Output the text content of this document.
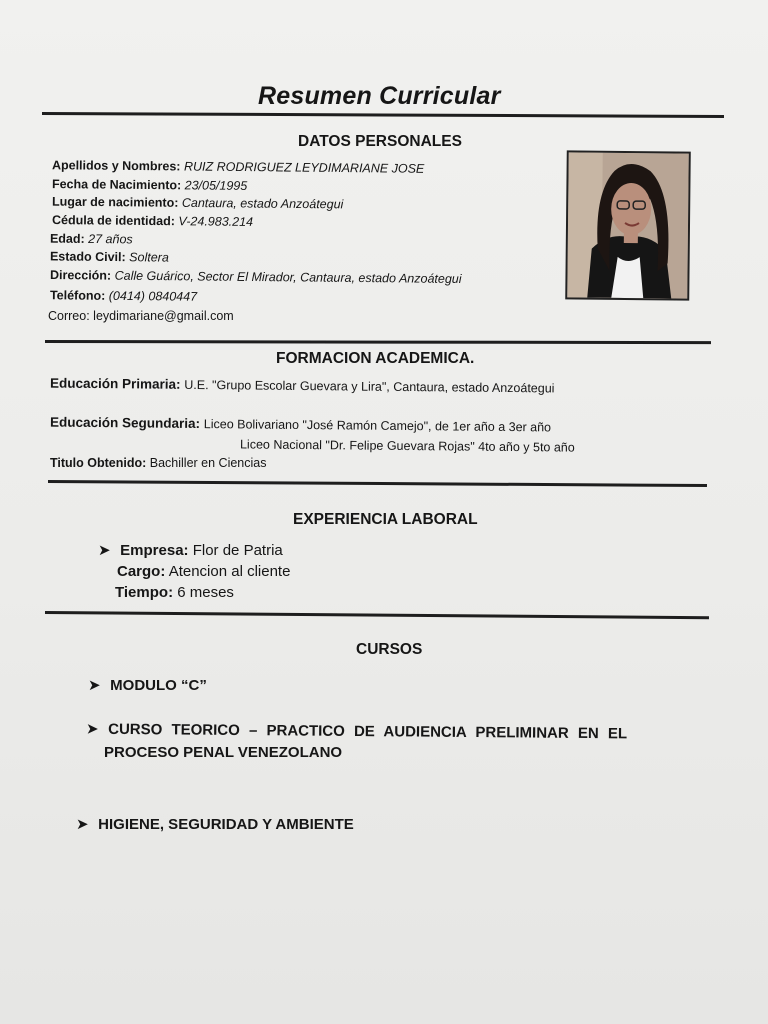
Resumen Curricular
DATOS PERSONALES
Apellidos y Nombres: RUIZ RODRIGUEZ LEYDIMARIANE JOSE
Fecha de Nacimiento: 23/05/1995
Lugar de nacimiento: Cantaura, estado Anzoátegui
Cédula de identidad: V-24.983.214
Edad: 27 años
Estado Civil: Soltera
Dirección: Calle Guárico, Sector El Mirador, Cantaura, estado Anzoátegui
Teléfono: (0414) 0840447
Correo: leydimariane@gmail.com
FORMACION ACADEMICA.
Educación Primaria: U.E. "Grupo Escolar Guevara y Lira", Cantaura, estado Anzoátegui
Educación Segundaria: Liceo Bolivariano "José Ramón Camejo", de 1er año a 3er año
Liceo Nacional "Dr. Felipe Guevara Rojas" 4to año y 5to año
Titulo Obtenido: Bachiller en Ciencias
EXPERIENCIA LABORAL
➤ Empresa: Flor de Patria
Cargo: Atencion al cliente
Tiempo: 6 meses
CURSOS
➤ MODULO “C”
➤ CURSO TEORICO – PRACTICO DE AUDIENCIA PRELIMINAR EN EL
PROCESO PENAL VENEZOLANO
➤ HIGIENE, SEGURIDAD Y AMBIENTE
